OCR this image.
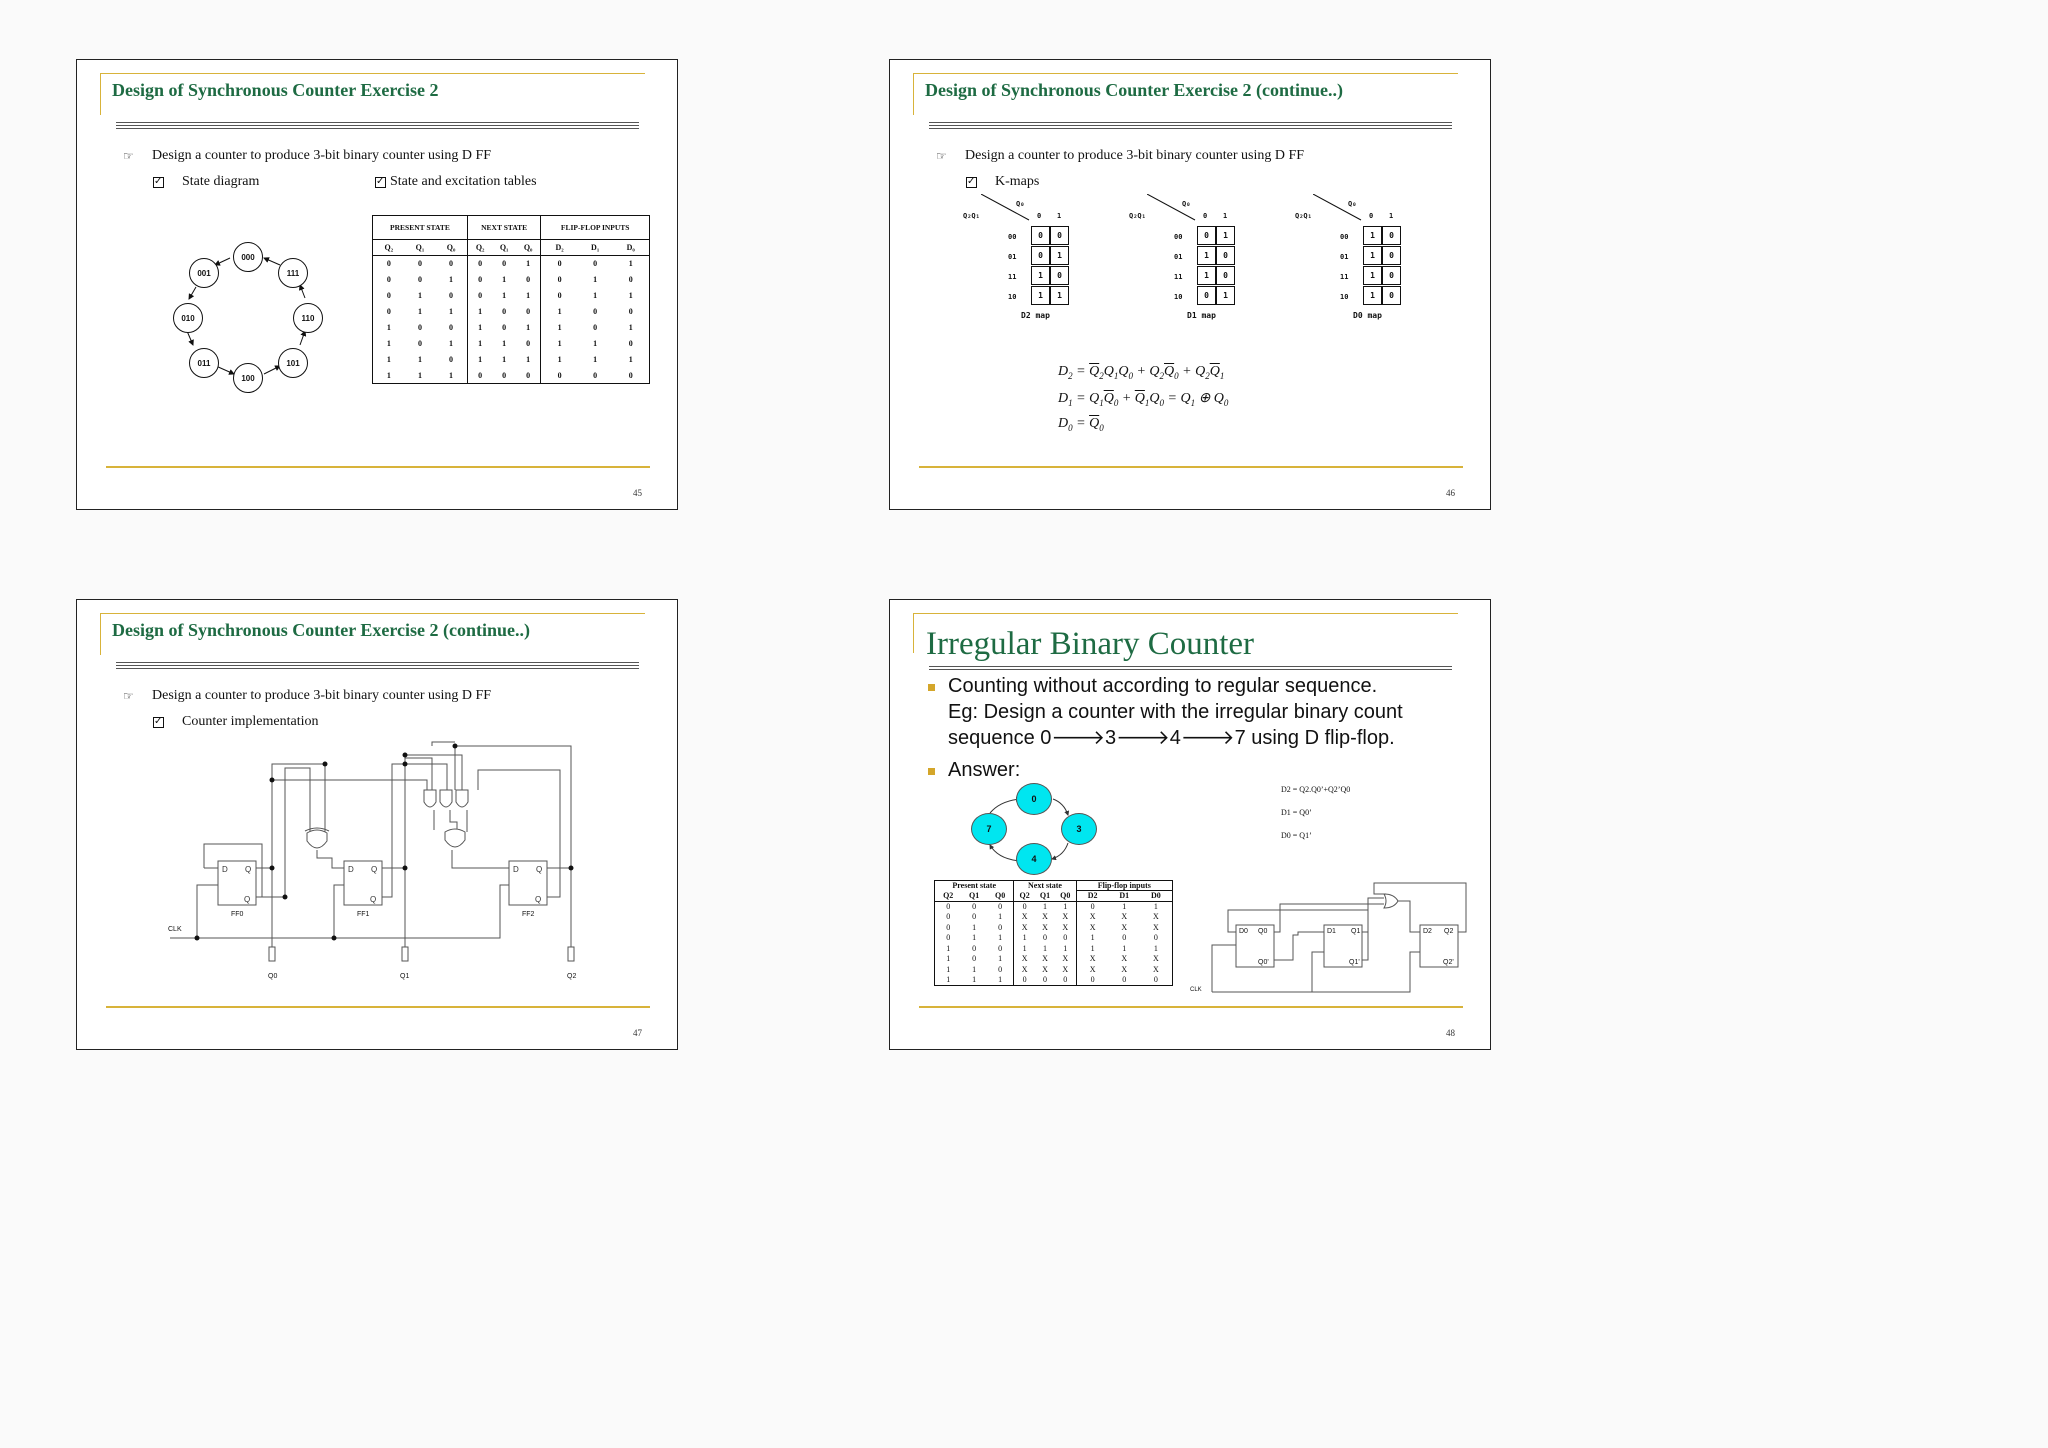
Design of Synchronous Counter Exercise 2
☞ Design a counter to produce 3-bit binary counter using D FF
✓
State diagram ✓	State and excitation tables
000
111
110
101
100
011
010
001
PRESENT STATE			NEXT STATE			FLIP-FLOP INPUTS		
Q₂	Q₁	Q₀	Q₂	Q₁	Q₀	D₂	D₁	D₀
0	0	0	0	0	1	0	0	1
0	0	1	0	1	0	0	1	0
0	1	0	0	1	1	0	1	1
0	1	1	1	0	0	1	0	0
1	0	0	1	0	1	1	0	1
1	0	1	1	1	0	1	1	0
1	1	0	1	1	1	1	1	1
1	1	1	0	0	0	0	0	0
45
Design of Synchronous Counter Exercise 2 (continue..)
☞ Design a counter to produce 3-bit binary counter using D FF
✓
K-maps
Q₀
Q₂Q₁	0 1
00	0	0
01	0	1
11	1	0
10	1	1
D2 map
Q₀
Q₂Q₁	0 1
00	0	1
01	1	0
11	1	0
10	0	1
D1 map
Q₀
Q₂Q₁	0 1
00	1	0
01	1	0
11	1	0
10	1	0
D0 map
$D_2 = \overline{Q}_2Q_1Q_0 + Q_2\overline{Q}_0 + Q_2\overline{Q}_1$
$D_1 = Q_1\overline{Q}_0 + \overline{Q}_1Q_0 = Q_1$ ⊕ $Q_0$
$D_0 = \overline{Q}_0$
46
Design of Synchronous Counter Exercise 2 (continue..)
☞ Design a counter to produce 3-bit binary counter using D FF
✓
Counter implementation
D Q
Q
D Q
Q
D Q
Q
FF0	FF1	FF2
CLK
Q0	Q1	Q2
47
Irregular Binary Counter
Counting without according to regular sequence.
Eg: Design a counter with the irregular binary count
sequence 0🡒3🡒4🡒7 using D flip-flop.
Answer:
0
3
4
7
D2 = Q2.Q0’+Q2’Q0
D1 = Q0’
D0 = Q1’
Present state			Next state			Flip-flop inputs		
Q2	Q1	Q0	Q2	Q1	Q0	D2	D1	D0
0	0	0	0	1	1	0	1	1
0	0	1	X	X	X	X	X	X
0	1	0	X	X	X	X	X	X
0	1	1	1	0	0	1	0	0
1	0	0	1	1	1	1	1	1
1	0	1	X	X	X	X	X	X
1	1	0	X	X	X	X	X	X
1	1	1	0	0	0	0	0	0
D0 Q0
Q0'
D1 Q1
Q1'
D2 Q2
Q2'
CLK
48
